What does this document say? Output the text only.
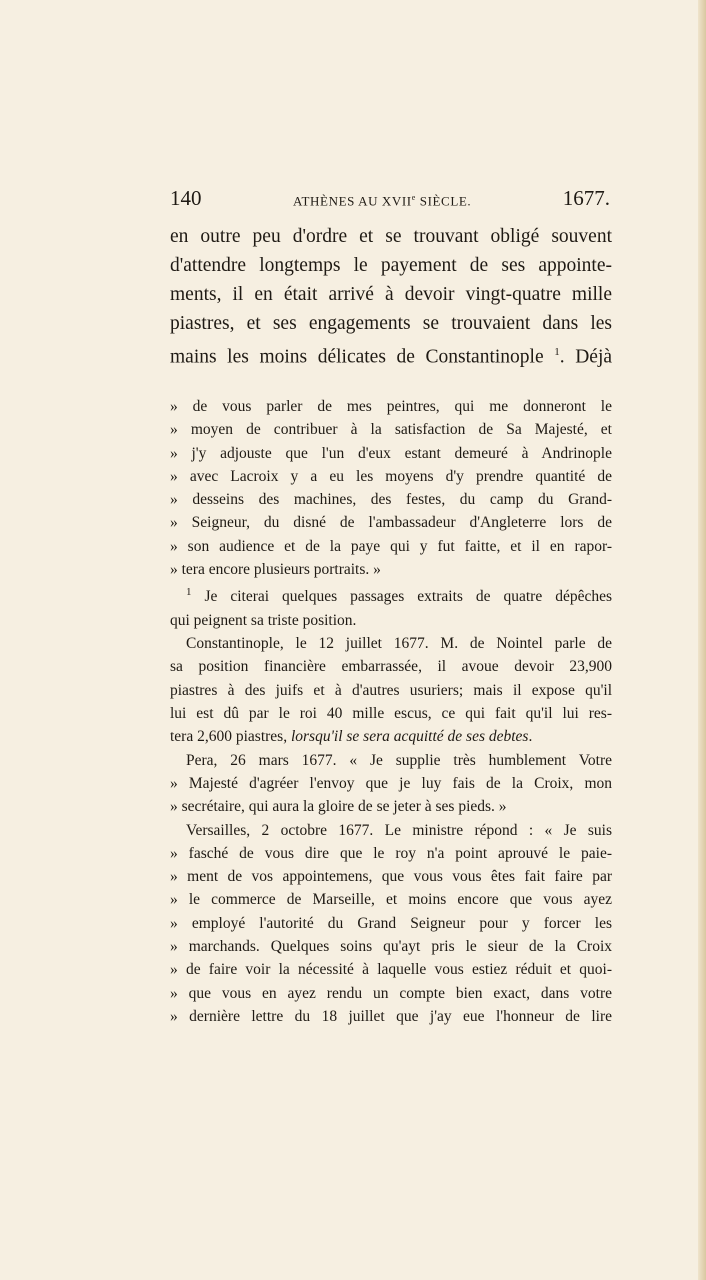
140	ATHÈNES AU XVIIe SIÈCLE.	1677.
en outre peu d'ordre et se trouvant obligé souvent
d'attendre longtemps le payement de ses appointe-
ments, il en était arrivé à devoir vingt-quatre mille
piastres, et ses engagements se trouvaient dans les
mains les moins délicates de Constantinople $^1$. Déjà
» de vous parler de mes peintres, qui me donneront le
» moyen de contribuer à la satisfaction de Sa Majesté, et
» j'y adjouste que l'un d'eux estant demeuré à Andrinople
» avec Lacroix y a eu les moyens d'y prendre quantité de
» desseins des machines, des festes, du camp du Grand-
» Seigneur, du disné de l'ambassadeur d'Angleterre lors de
» son audience et de la paye qui y fut faitte, et il en rapor-
» tera encore plusieurs portraits. »
$^1$ Je citerai quelques passages extraits de quatre dépêches
qui peignent sa triste position.
Constantinople, le 12 juillet 1677. M. de Nointel parle de
sa position financière embarrassée, il avoue devoir 23,900
piastres à des juifs et à d'autres usuriers; mais il expose qu'il
lui est dû par le roi 40 mille escus, ce qui fait qu'il lui res-
tera 2,600 piastres, lorsqu'il se sera acquitté de ses debtes.
Pera, 26 mars 1677. « Je supplie très humblement Votre
» Majesté d'agréer l'envoy que je luy fais de la Croix, mon
» secrétaire, qui aura la gloire de se jeter à ses pieds. »
Versailles, 2 octobre 1677. Le ministre répond : « Je suis
» fasché de vous dire que le roy n'a point aprouvé le paie-
» ment de vos appointemens, que vous vous êtes fait faire par
» le commerce de Marseille, et moins encore que vous ayez
» employé l'autorité du Grand Seigneur pour y forcer les
» marchands. Quelques soins qu'ayt pris le sieur de la Croix
» de faire voir la nécessité à laquelle vous estiez réduit et quoi-
» que vous en ayez rendu un compte bien exact, dans votre
» dernière lettre du 18 juillet que j'ay eue l'honneur de lire
